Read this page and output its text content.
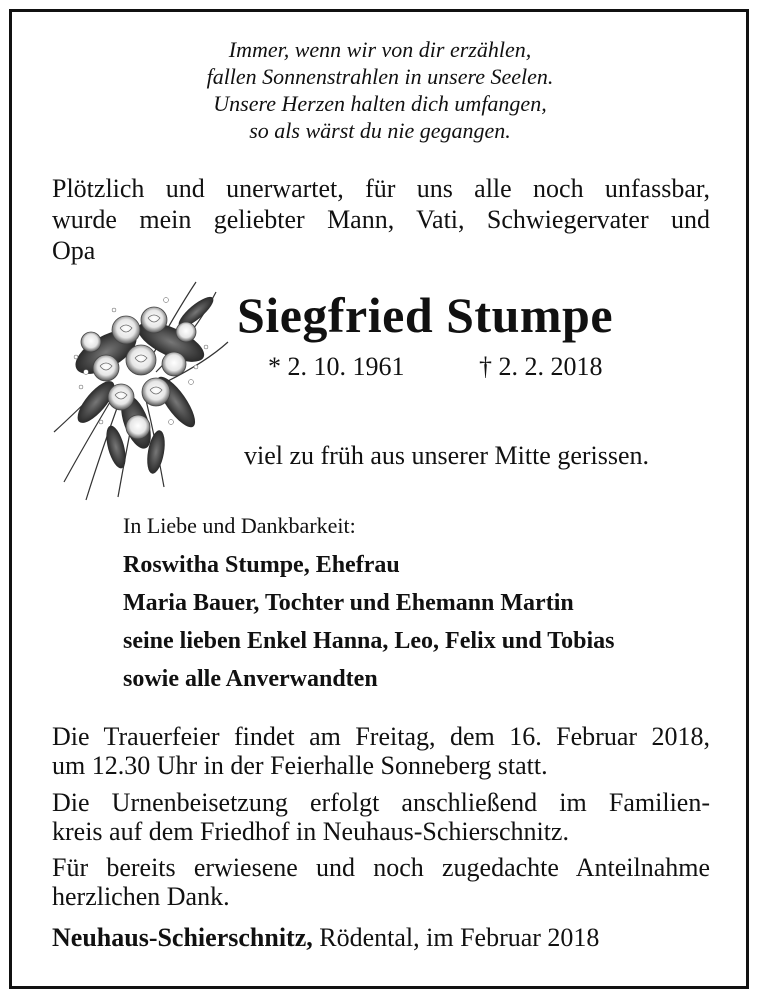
Immer, wenn wir von dir erzählen,
fallen Sonnenstrahlen in unsere Seelen.
Unsere Herzen halten dich umfangen,
so als wärst du nie gegangen.
Plötzlich und unerwartet, für uns alle noch unfassbar,
wurde mein geliebter Mann, Vati, Schwiegervater und
Opa
Siegfried Stumpe
* 2. 10. 1961	† 2. 2. 2018
viel zu früh aus unserer Mitte gerissen.
In Liebe und Dankbarkeit:
Roswitha Stumpe, Ehefrau
Maria Bauer, Tochter und Ehemann Martin
seine lieben Enkel Hanna, Leo, Felix und Tobias
sowie alle Anverwandten
Die Trauerfeier findet am Freitag, dem 16. Februar 2018,
um 12.30 Uhr in der Feierhalle Sonneberg statt.
Die Urnenbeisetzung erfolgt anschließend im Familien-
kreis auf dem Friedhof in Neuhaus-Schierschnitz.
Für bereits erwiesene und noch zugedachte Anteilnahme
herzlichen Dank.
Neuhaus-Schierschnitz, Rödental, im Februar 2018
